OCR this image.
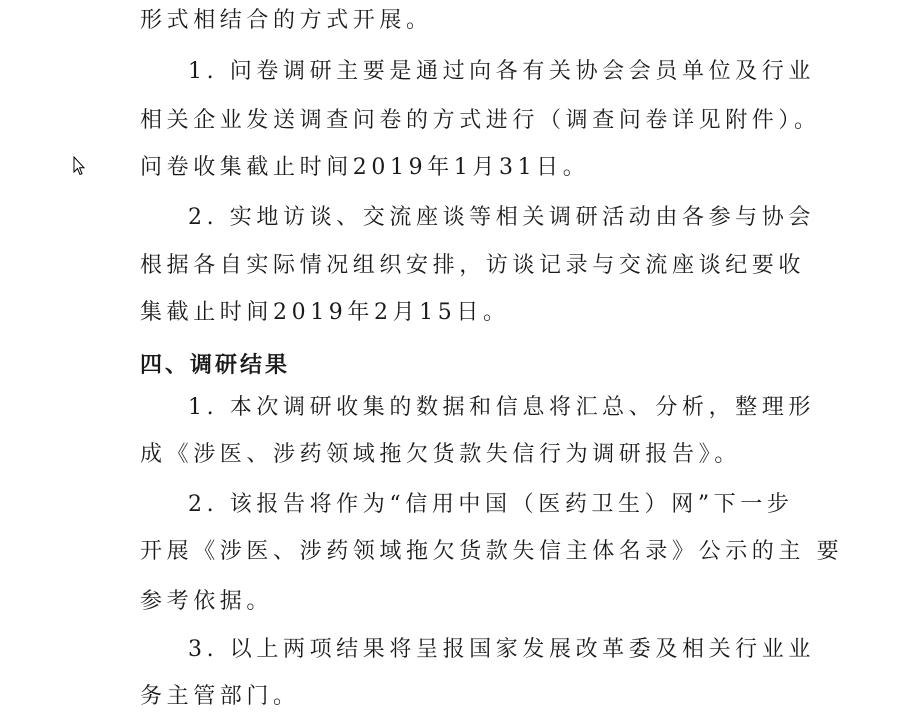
形式相结合的方式开展。
1. 问卷调研主要是通过向各有关协会会员单位及行业
相关企业发送调查问卷的方式进行（调查问卷详见附件）。
问卷收集截止时间2019年1月31日。
2. 实地访谈、交流座谈等相关调研活动由各参与协会
根据各自实际情况组织安排，访谈记录与交流座谈纪要收
集截止时间2019年2月15日。
四、调研结果
1. 本次调研收集的数据和信息将汇总、分析，整理形
成《涉医、涉药领域拖欠货款失信行为调研报告》。
2. 该报告将作为“信用中国（医药卫生）网”下一步
开展《涉医、涉药领域拖欠货款失信主体名录》公示的主 要
参考依据。
3. 以上两项结果将呈报国家发展改革委及相关行业业
务主管部门。
